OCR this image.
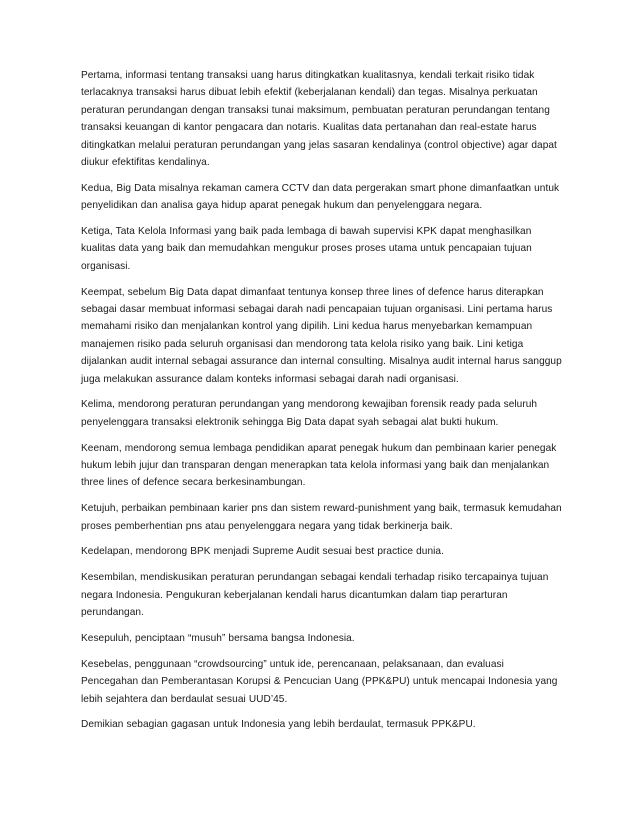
Pertama, informasi tentang transaksi uang harus ditingkatkan kualitasnya, kendali terkait risiko tidak terlacaknya transaksi harus dibuat lebih efektif (keberjalanan kendali) dan tegas. Misalnya perkuatan peraturan perundangan dengan transaksi tunai maksimum, pembuatan peraturan perundangan tentang transaksi keuangan di kantor pengacara dan notaris. Kualitas data pertanahan dan real-estate harus ditingkatkan melalui peraturan perundangan yang jelas sasaran kendalinya (control objective) agar dapat diukur efektifitas kendalinya.

Kedua, Big Data misalnya rekaman camera CCTV dan data pergerakan smart phone dimanfaatkan untuk penyelidikan dan analisa gaya hidup aparat penegak hukum dan penyelenggara negara.

Ketiga, Tata Kelola Informasi yang baik pada lembaga di bawah supervisi KPK dapat menghasilkan kualitas data yang baik dan memudahkan mengukur proses proses utama untuk pencapaian tujuan organisasi.

Keempat, sebelum Big Data dapat dimanfaat tentunya konsep three lines of defence harus diterapkan sebagai dasar membuat informasi sebagai darah nadi pencapaian tujuan organisasi. Lini pertama harus memahami risiko dan menjalankan kontrol yang dipilih. Lini kedua harus menyebarkan kemampuan manajemen risiko pada seluruh organisasi dan mendorong tata kelola risiko yang baik. Lini ketiga dijalankan audit internal sebagai assurance dan internal consulting. Misalnya audit internal harus sanggup juga melakukan assurance dalam konteks informasi sebagai darah nadi organisasi.

Kelima, mendorong peraturan perundangan yang mendorong kewajiban forensik ready pada seluruh penyelenggara transaksi elektronik sehingga Big Data dapat syah sebagai alat bukti hukum.

Keenam, mendorong semua lembaga pendidikan aparat penegak hukum dan pembinaan karier penegak hukum lebih jujur dan transparan dengan menerapkan tata kelola informasi yang baik dan menjalankan three lines of defence secara berkesinambungan.

Ketujuh, perbaikan pembinaan karier pns dan sistem reward-punishment yang baik, termasuk kemudahan proses pemberhentian pns atau penyelenggara negara yang tidak berkinerja baik.

Kedelapan, mendorong BPK menjadi Supreme Audit sesuai best practice dunia.

Kesembilan, mendiskusikan peraturan perundangan sebagai kendali terhadap risiko tercapainya tujuan negara Indonesia. Pengukuran keberjalanan kendali harus dicantumkan dalam tiap perarturan perundangan.

Kesepuluh, penciptaan “musuh” bersama bangsa Indonesia.

Kesebelas, penggunaan “crowdsourcing” untuk ide, perencanaan, pelaksanaan, dan evaluasi Pencegahan dan Pemberantasan Korupsi & Pencucian Uang (PPK&PU) untuk mencapai Indonesia yang lebih sejahtera dan berdaulat sesuai UUD’45.

Demikian sebagian gagasan untuk Indonesia yang lebih berdaulat, termasuk PPK&PU.
